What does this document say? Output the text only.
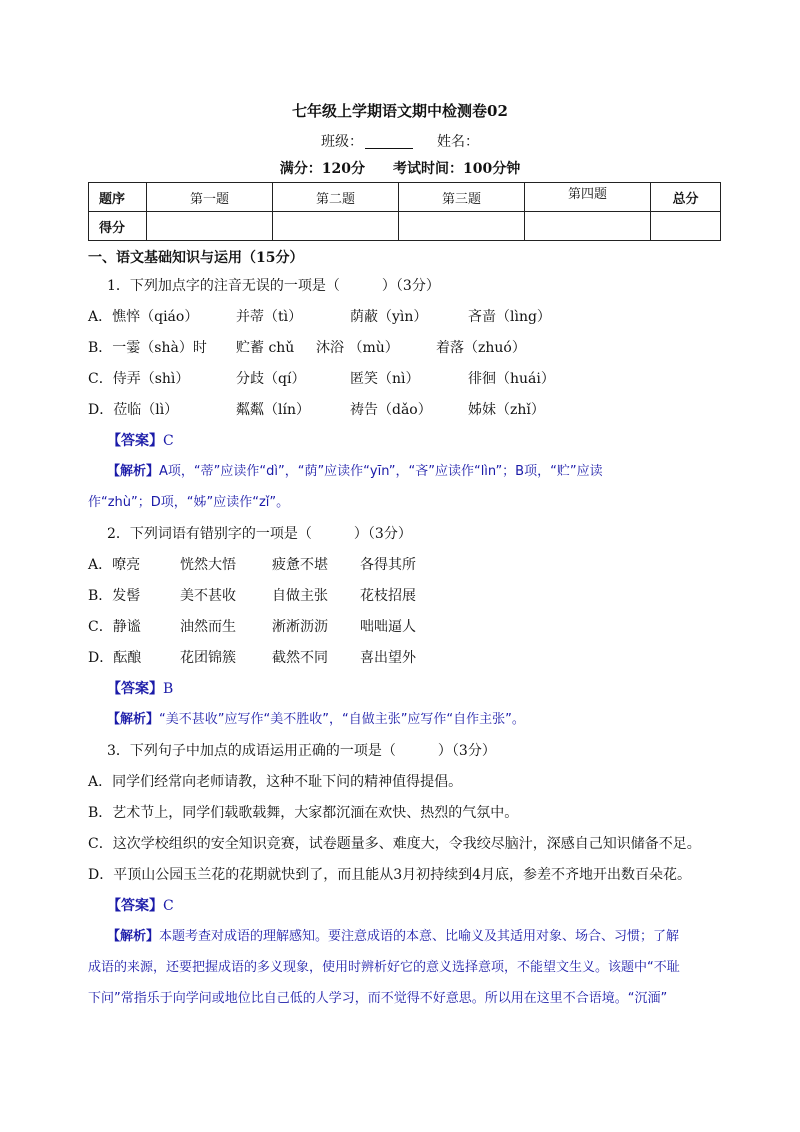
七年级上学期语文期中检测卷02
班级：	姓名：
满分：120分 考试时间：100分钟
题序	第一题	第二题	第三题	第四题	总分
得分					
一、语文基础知识与运用（15分）
1．下列加点字的注音无误的一项是（　　　）（3分）
A．憔悴（qiáo）	并蒂（tì）	荫蔽（yìn）	吝啬（lìng）
B．一霎（shà）时 贮蓄 chǔ 沐浴 （mù）	着落（zhuó）
C．侍弄（shì）	分歧（qí）	匿笑（nì）	徘徊（huái）
D．莅临（lì）	粼粼（lín）	祷告（dǎo）	姊妹（zhǐ）
【答案】C
【解析】A项，“蒂”应读作“dì”，“荫”应读作“yīn”，“吝”应读作“lìn”；B项，“贮”应读
作“zhù”；D项，“姊”应读作“zǐ”。
2．下列词语有错别字的一项是（　　　）（3分）
A．嘹亮	恍然大悟	疲惫不堪 各得其所
B．发髻	美不甚收	自做主张 花枝招展
C．静谧	油然而生	淅淅沥沥 咄咄逼人
D．酝酿	花团锦簇	截然不同 喜出望外
【答案】B
【解析】“美不甚收”应写作“美不胜收”，“自做主张”应写作“自作主张”。
3．下列句子中加点的成语运用正确的一项是（　　　）（3分）
A．同学们经常向老师请教，这种不耻下问的精神值得提倡。
B．艺术节上，同学们载歌载舞，大家都沉湎在欢快、热烈的气氛中。
C．这次学校组织的安全知识竞赛，试卷题量多、难度大，令我绞尽脑汁，深感自己知识储备不足。
D．平顶山公园玉兰花的花期就快到了，而且能从3月初持续到4月底，参差不齐地开出数百朵花。
【答案】C
【解析】本题考查对成语的理解感知。要注意成语的本意、比喻义及其适用对象、场合、习惯；了解
成语的来源，还要把握成语的多义现象，使用时辨析好它的意义选择意项，不能望文生义。该题中“不耻
下问”常指乐于向学问或地位比自己低的人学习，而不觉得不好意思。所以用在这里不合语境。“沉湎”
